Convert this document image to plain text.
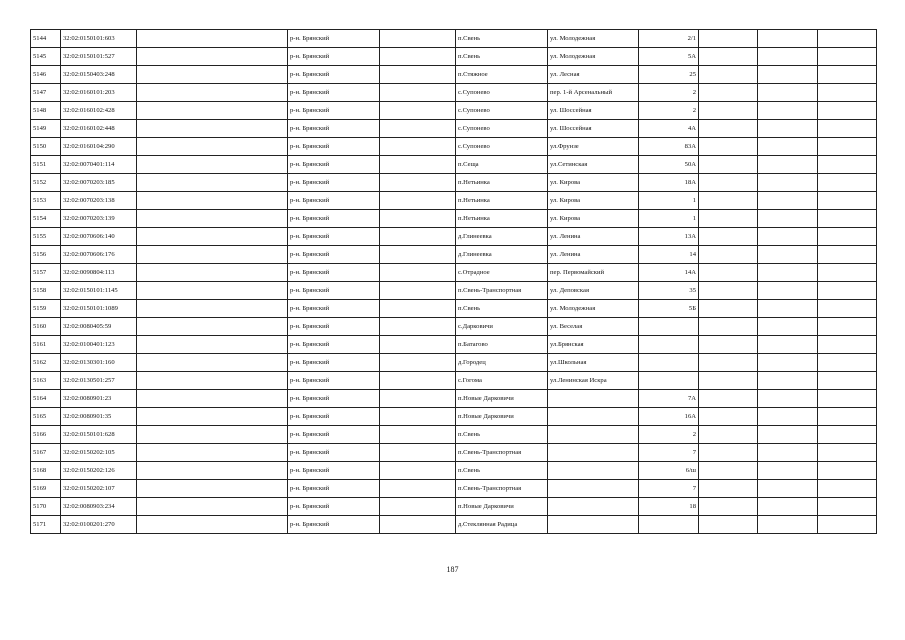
5144	32:02:0150101:603		р-н. Брянский		п.Свень	ул. Молодежная	2/1			
5145	32:02:0150101:527		р-н. Брянский		п.Свень	ул. Молодежная	5А			
5146	32:02:0150403:248		р-н. Брянский		п.Стяжное	ул. Лесная	25			
5147	32:02:0160101:203		р-н. Брянский		с.Супонево	пер. 1-й Арсенальный	2			
5148	32:02:0160102:428		р-н. Брянский		с.Супонево	ул. Шоссейная	2			
5149	32:02:0160102:448		р-н. Брянский		с.Супонево	ул. Шоссейная	4А			
5150	32:02:0160104:290		р-н. Брянский		с.Супонево	ул.Фрунзе	83А			
5151	32:02:0070401:114		р-н. Брянский		п.Сеща	ул.Сетинская	50А			
5152	32:02:0070203:185		р-н. Брянский		п.Нетьинка	ул. Кирова	18А			
5153	32:02:0070203:138		р-н. Брянский		п.Нетьинка	ул. Кирова	1			
5154	32:02:0070203:139		р-н. Брянский		п.Нетьинка	ул. Кирова	1			
5155	32:02:0070606:140		р-н. Брянский		д.Глинеевка	ул. Ленина	13А			
5156	32:02:0070606:176		р-н. Брянский		д.Глинеевка	ул. Ленина	14			
5157	32:02:0090804:113		р-н. Брянский		с.Отрадное	пер. Первомайский	14А			
5158	32:02:0150101:1145		р-н. Брянский		п.Свень-Транспортная	ул. Деповская	35			
5159	32:02:0150101:1089		р-н. Брянский		п.Свень	ул. Молодежная	5Б			
5160	32:02:0080405:59		р-н. Брянский		с.Дарковичи	ул. Веселая				
5161	32:02:0100401:123		р-н. Брянский		п.Батагово	ул.Брянская				
5162	32:02:0130301:160		р-н. Брянский		д.Городец	ул.Школьная				
5163	32:02:0130501:257		р-н. Брянский		с.Гогома	ул.Ленинская Искра				
5164	32:02:0080901:23		р-н. Брянский		п.Новые Дарковичи		7А			
5165	32:02:0080901:35		р-н. Брянский		п.Новые Дарковичи		16А			
5166	32:02:0150101:628		р-н. Брянский		п.Свень		2			
5167	32:02:0150202:105		р-н. Брянский		п.Свень-Транспортная		7			
5168	32:02:0150202:126		р-н. Брянский		п.Свень		6/ш			
5169	32:02:0150202:107		р-н. Брянский		п.Свень-Транспортная		7			
5170	32:02:0080903:234		р-н. Брянский		п.Новые Дарковичи		18			
5171	32:02:0100201:270		р-н. Брянский		д.Стеклянная Радица					
187
